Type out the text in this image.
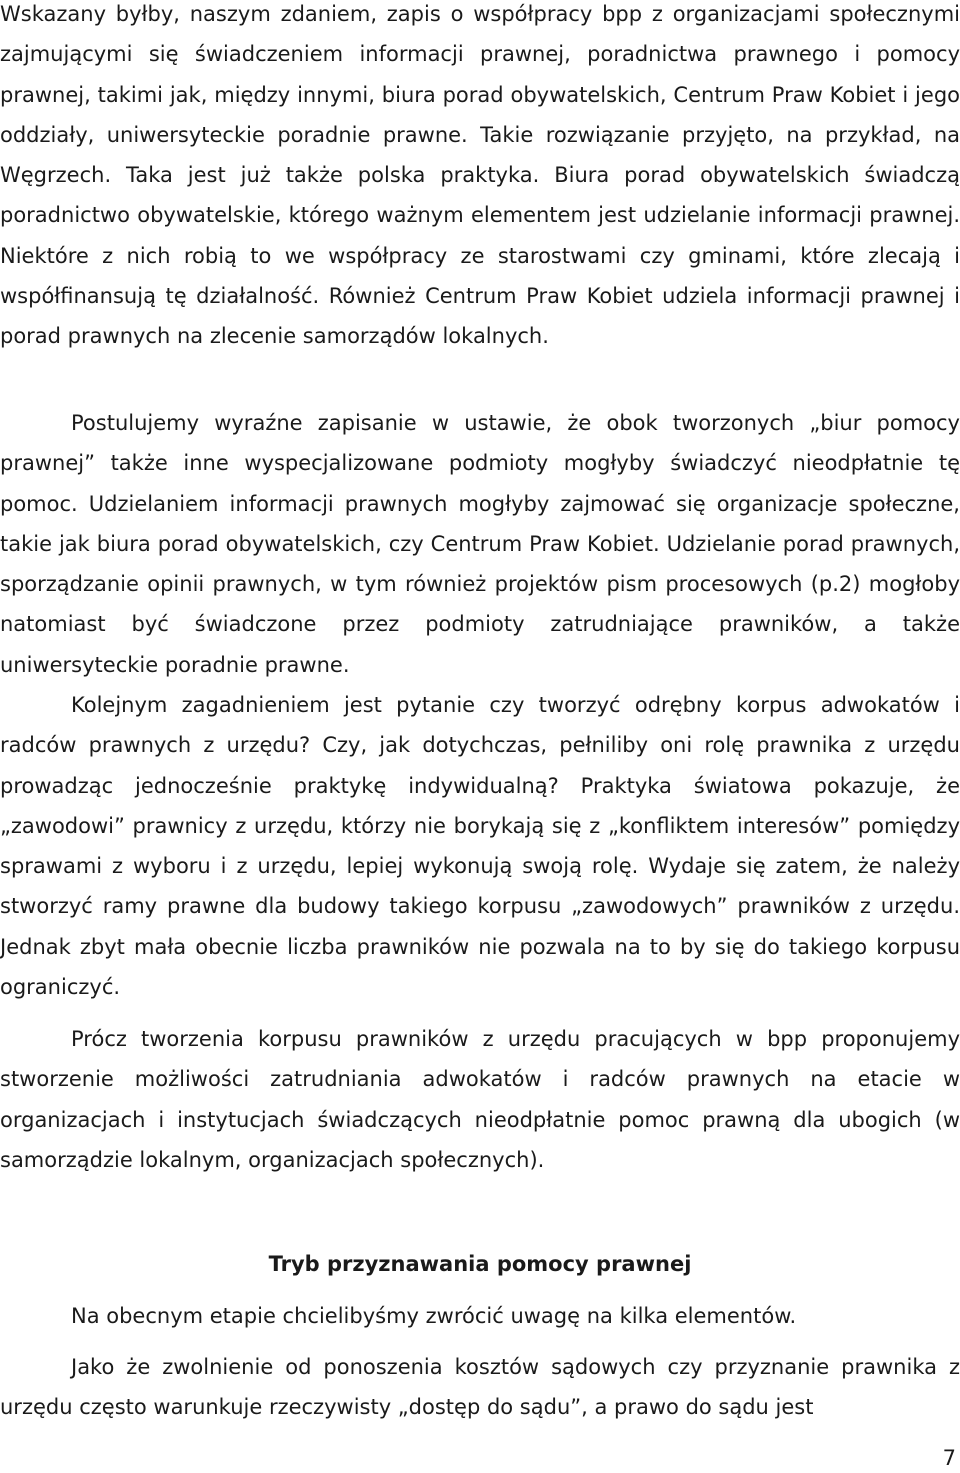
Wskazany byłby, naszym zdaniem, zapis o współpracy bpp z organizacjami społecznymi zajmującymi się świadczeniem informacji prawnej, poradnictwa prawnego i pomocy prawnej, takimi jak, między innymi, biura porad obywatelskich, Centrum Praw Kobiet i jego oddziały, uniwersyteckie poradnie prawne. Takie rozwiązanie przyjęto, na przykład, na Węgrzech. Taka jest już także polska praktyka. Biura porad obywatelskich świadczą poradnictwo obywatelskie, którego ważnym elementem jest udzielanie informacji prawnej. Niektóre z nich robią to we współpracy ze starostwami czy gminami, które zlecają i współfinansują tę działalność. Również Centrum Praw Kobiet udziela informacji prawnej i porad prawnych na zlecenie samorządów lokalnych.

Postulujemy wyraźne zapisanie w ustawie, że obok tworzonych „biur pomocy prawnej” także inne wyspecjalizowane podmioty mogłyby świadczyć nieodpłatnie tę pomoc. Udzielaniem informacji prawnych mogłyby zajmować się organizacje społeczne, takie jak biura porad obywatelskich, czy Centrum Praw Kobiet. Udzielanie porad prawnych, sporządzanie opinii prawnych, w tym również projektów pism procesowych (p.2) mogłoby natomiast być świadczone przez podmioty zatrudniające prawników, a także uniwersyteckie poradnie prawne.

Kolejnym zagadnieniem jest pytanie czy tworzyć odrębny korpus adwokatów i radców prawnych z urzędu? Czy, jak dotychczas, pełniliby oni rolę prawnika z urzędu prowadząc jednocześnie praktykę indywidualną? Praktyka światowa pokazuje, że „zawodowi” prawnicy z urzędu, którzy nie borykają się z „konfliktem interesów” pomiędzy sprawami z wyboru i z urzędu, lepiej wykonują swoją rolę. Wydaje się zatem, że należy stworzyć ramy prawne dla budowy takiego korpusu „zawodowych” prawników z urzędu. Jednak zbyt mała obecnie liczba prawników nie pozwala na to by się do takiego korpusu ograniczyć.

Prócz tworzenia korpusu prawników z urzędu pracujących w bpp proponujemy stworzenie możliwości zatrudniania adwokatów i radców prawnych na etacie w organizacjach i instytucjach świadczących nieodpłatnie pomoc prawną dla ubogich (w samorządzie lokalnym, organizacjach społecznych).

Tryb przyznawania pomocy prawnej

Na obecnym etapie chcielibyśmy zwrócić uwagę na kilka elementów.

Jako że zwolnienie od ponoszenia kosztów sądowych czy przyznanie prawnika z urzędu często warunkuje rzeczywisty „dostęp do sądu”, a prawo do sądu jest

7
